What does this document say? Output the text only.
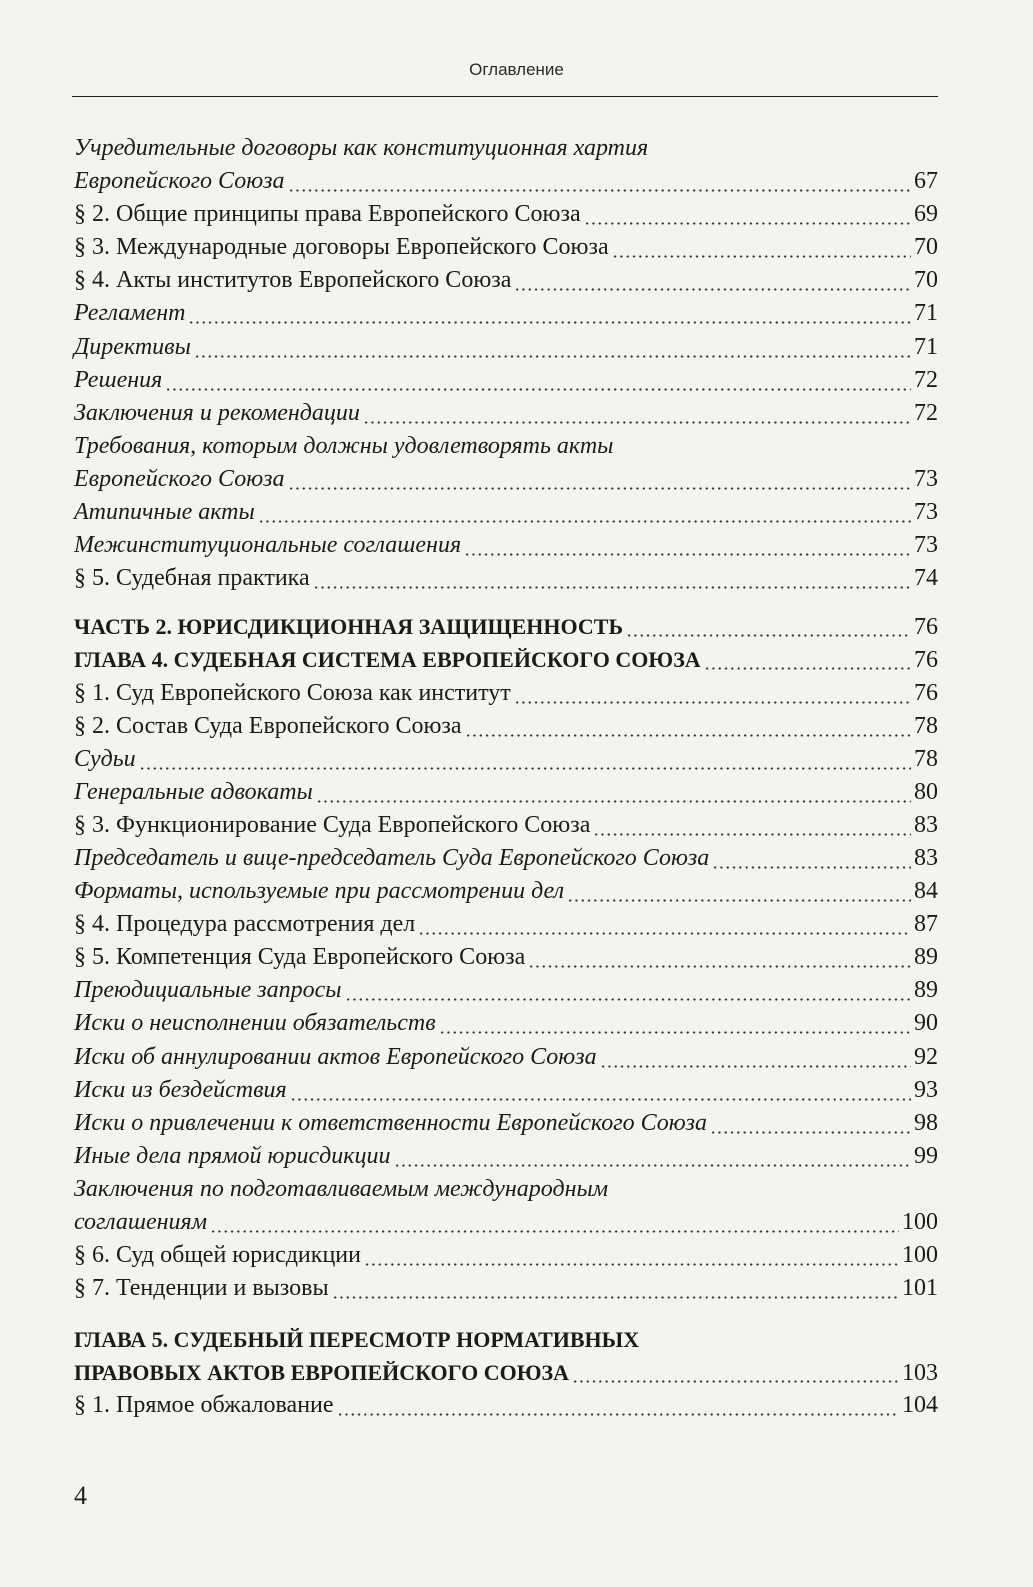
Оглавление
Учредительные договоры как конституционная хартия
Европейского Союза	67
§ 2. Общие принципы права Европейского Союза	69
§ 3. Международные договоры Европейского Союза	70
§ 4. Акты институтов Европейского Союза	70
Регламент	71
Директивы	71
Решения	72
Заключения и рекомендации	72
Требования, которым должны удовлетворять акты
Европейского Союза	73
Атипичные акты	73
Межинституциональные соглашения	73
§ 5. Судебная практика	74
ЧАСТЬ 2. ЮРИСДИКЦИОННАЯ ЗАЩИЩЕННОСТЬ	76
ГЛАВА 4. СУДЕБНАЯ СИСТЕМА ЕВРОПЕЙСКОГО СОЮЗА	76
§ 1. Суд Европейского Союза как институт	76
§ 2. Состав Суда Европейского Союза	78
Судьи	78
Генеральные адвокаты	80
§ 3. Функционирование Суда Европейского Союза	83
Председатель и вице-председатель Суда Европейского Союза	83
Форматы, используемые при рассмотрении дел	84
§ 4. Процедура рассмотрения дел	87
§ 5. Компетенция Суда Европейского Союза	89
Преюдициальные запросы	89
Иски о неисполнении обязательств	90
Иски об аннулировании актов Европейского Союза	92
Иски из бездействия	93
Иски о привлечении к ответственности Европейского Союза	98
Иные дела прямой юрисдикции	99
Заключения по подготавливаемым международным
соглашениям	100
§ 6. Суд общей юрисдикции	100
§ 7. Тенденции и вызовы	101
ГЛАВА 5. СУДЕБНЫЙ ПЕРЕСМОТР НОРМАТИВНЫХ
ПРАВОВЫХ АКТОВ ЕВРОПЕЙСКОГО СОЮЗА	103
§ 1. Прямое обжалование	104
4
